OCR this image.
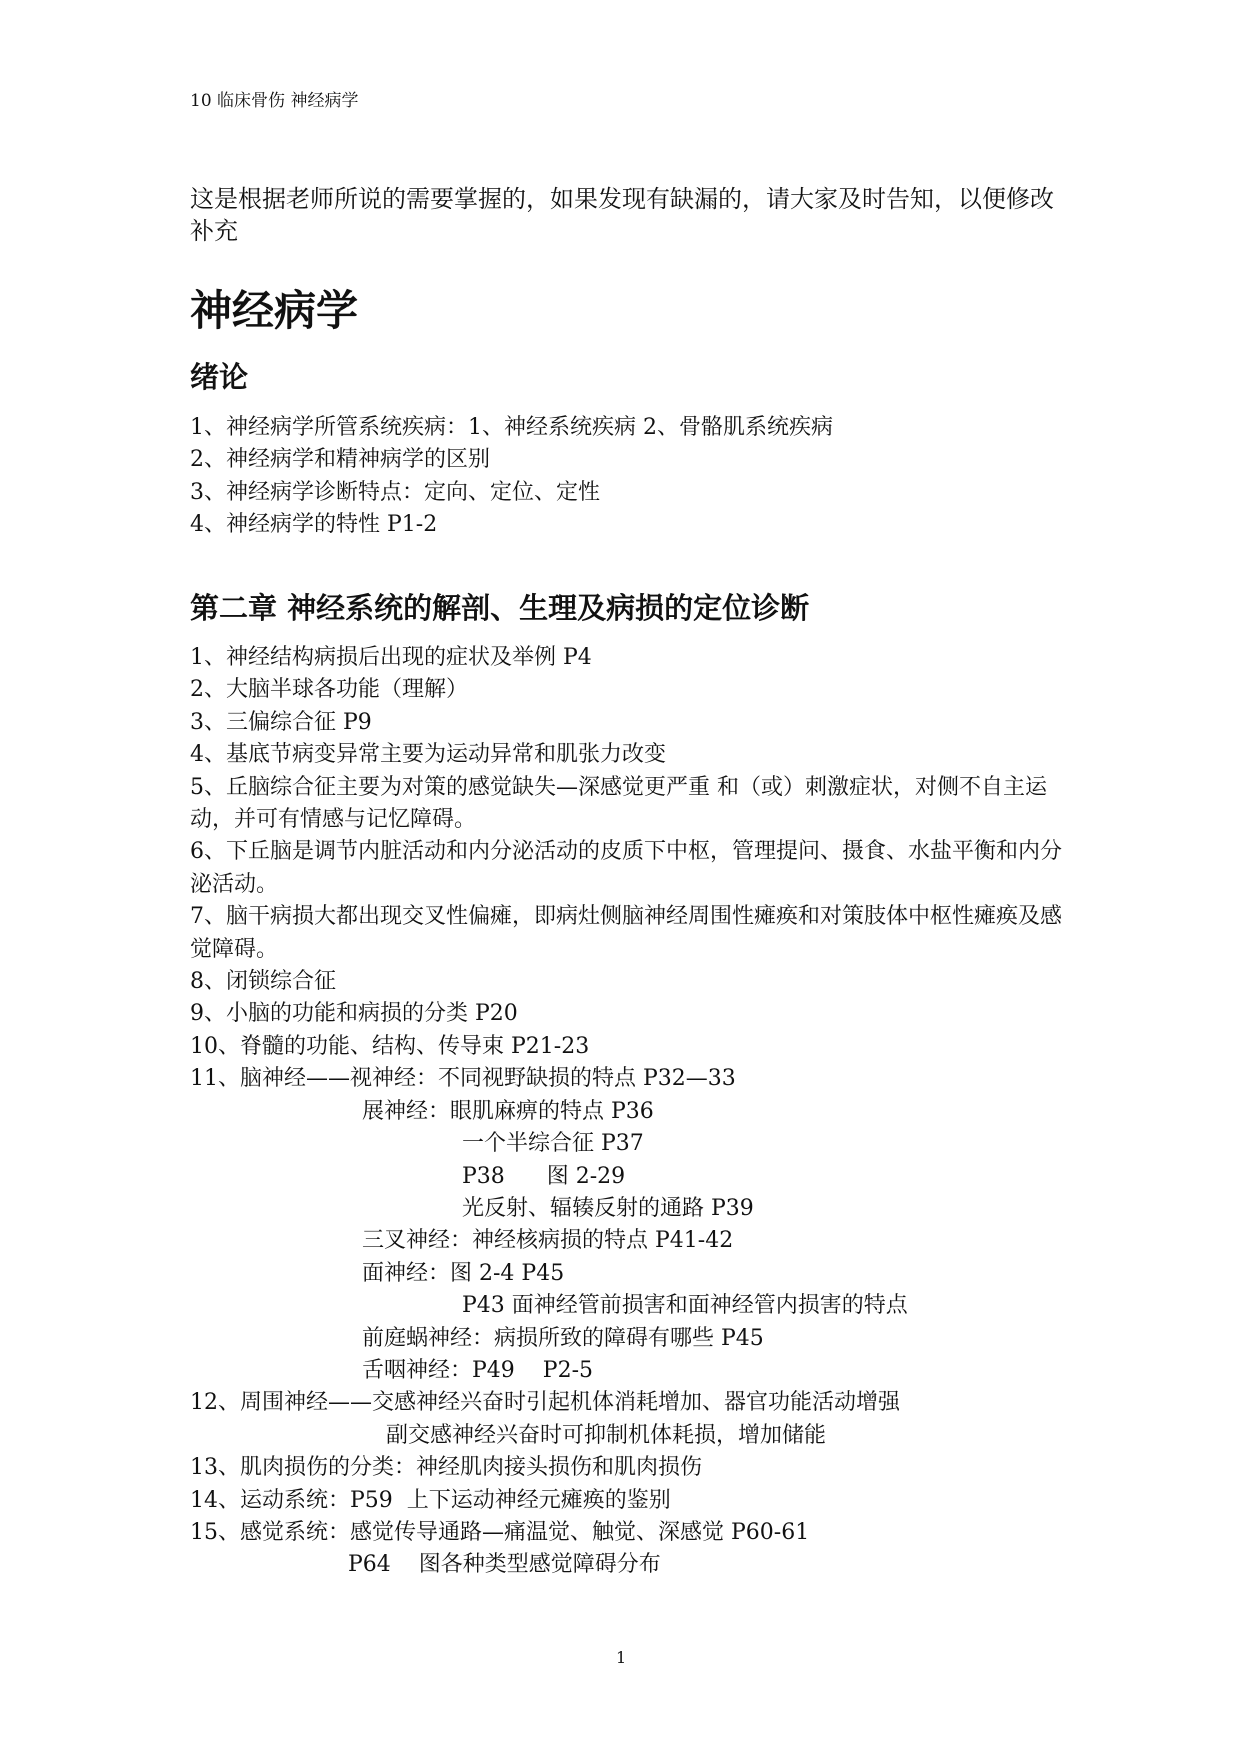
10 临床骨伤 神经病学
这是根据老师所说的需要掌握的，如果发现有缺漏的，请大家及时告知，以便修改补充
神经病学
绪论
1、神经病学所管系统疾病：1、神经系统疾病 2、骨骼肌系统疾病
2、神经病学和精神病学的区别
3、神经病学诊断特点：定向、定位、定性
4、神经病学的特性 P1-2
第二章 神经系统的解剖、生理及病损的定位诊断
1、神经结构病损后出现的症状及举例 P4
2、大脑半球各功能（理解）
3、三偏综合征 P9
4、基底节病变异常主要为运动异常和肌张力改变
5、丘脑综合征主要为对策的感觉缺失—深感觉更严重 和（或）刺激症状，对侧不自主运动，并可有情感与记忆障碍。
6、下丘脑是调节内脏活动和内分泌活动的皮质下中枢，管理提问、摄食、水盐平衡和内分泌活动。
7、脑干病损大都出现交叉性偏瘫，即病灶侧脑神经周围性瘫痪和对策肢体中枢性瘫痪及感觉障碍。
8、闭锁综合征
9、小脑的功能和病损的分类 P20
10、脊髓的功能、结构、传导束 P21-23
11、脑神经——视神经：不同视野缺损的特点 P32—33
展神经：眼肌麻痹的特点 P36
一个半综合征 P37
P38      图 2-29
光反射、辐辏反射的通路 P39
三叉神经：神经核病损的特点 P41-42
面神经：图 2-4 P45
P43 面神经管前损害和面神经管内损害的特点
前庭蜗神经：病损所致的障碍有哪些 P45
舌咽神经：P49    P2-5
12、周围神经——交感神经兴奋时引起机体消耗增加、器官功能活动增强
副交感神经兴奋时可抑制机体耗损，增加储能
13、肌肉损伤的分类：神经肌肉接头损伤和肌肉损伤
14、运动系统：P59  上下运动神经元瘫痪的鉴别
15、感觉系统：感觉传导通路—痛温觉、触觉、深感觉 P60-61
P64    图各种类型感觉障碍分布
1
